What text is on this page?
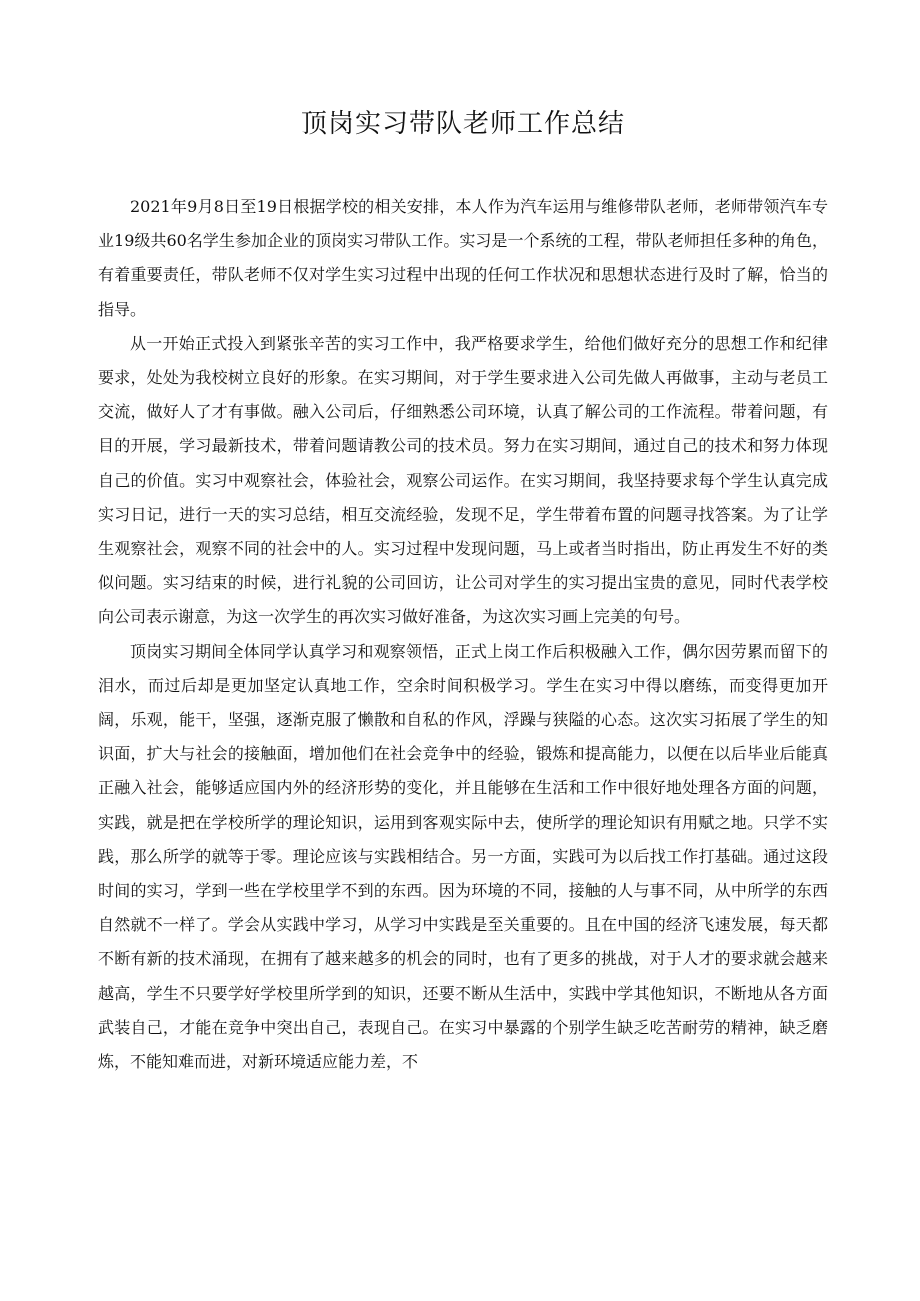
顶岗实习带队老师工作总结

2021年9月8日至19日根据学校的相关安排，本人作为汽车运用与维修带队老师，老师带领汽车专业19级共60名学生参加企业的顶岗实习带队工作。实习是一个系统的工程，带队老师担任多种的角色，有着重要责任，带队老师不仅对学生实习过程中出现的任何工作状况和思想状态进行及时了解，恰当的指导。

从一开始正式投入到紧张辛苦的实习工作中，我严格要求学生，给他们做好充分的思想工作和纪律要求，处处为我校树立良好的形象。在实习期间，对于学生要求进入公司先做人再做事，主动与老员工交流，做好人了才有事做。融入公司后，仔细熟悉公司环境，认真了解公司的工作流程。带着问题，有目的开展，学习最新技术，带着问题请教公司的技术员。努力在实习期间，通过自己的技术和努力体现自己的价值。实习中观察社会，体验社会，观察公司运作。在实习期间，我坚持要求每个学生认真完成实习日记，进行一天的实习总结，相互交流经验，发现不足，学生带着布置的问题寻找答案。为了让学生观察社会，观察不同的社会中的人。实习过程中发现问题，马上或者当时指出，防止再发生不好的类似问题。实习结束的时候，进行礼貌的公司回访，让公司对学生的实习提出宝贵的意见，同时代表学校向公司表示谢意，为这一次学生的再次实习做好准备，为这次实习画上完美的句号。

顶岗实习期间全体同学认真学习和观察领悟，正式上岗工作后积极融入工作，偶尔因劳累而留下的泪水，而过后却是更加坚定认真地工作，空余时间积极学习。学生在实习中得以磨练，而变得更加开阔，乐观，能干，坚强，逐渐克服了懒散和自私的作风，浮躁与狭隘的心态。这次实习拓展了学生的知识面，扩大与社会的接触面，增加他们在社会竞争中的经验，锻炼和提高能力，以便在以后毕业后能真正融入社会，能够适应国内外的经济形势的变化，并且能够在生活和工作中很好地处理各方面的问题，实践，就是把在学校所学的理论知识，运用到客观实际中去，使所学的理论知识有用赋之地。只学不实践，那么所学的就等于零。理论应该与实践相结合。另一方面，实践可为以后找工作打基础。通过这段时间的实习，学到一些在学校里学不到的东西。因为环境的不同，接触的人与事不同，从中所学的东西自然就不一样了。学会从实践中学习，从学习中实践是至关重要的。且在中国的经济飞速发展，每天都不断有新的技术涌现，在拥有了越来越多的机会的同时，也有了更多的挑战，对于人才的要求就会越来越高，学生不只要学好学校里所学到的知识，还要不断从生活中，实践中学其他知识，不断地从各方面武装自己，才能在竞争中突出自己，表现自己。在实习中暴露的个别学生缺乏吃苦耐劳的精神，缺乏磨炼，不能知难而进，对新环境适应能力差，不
